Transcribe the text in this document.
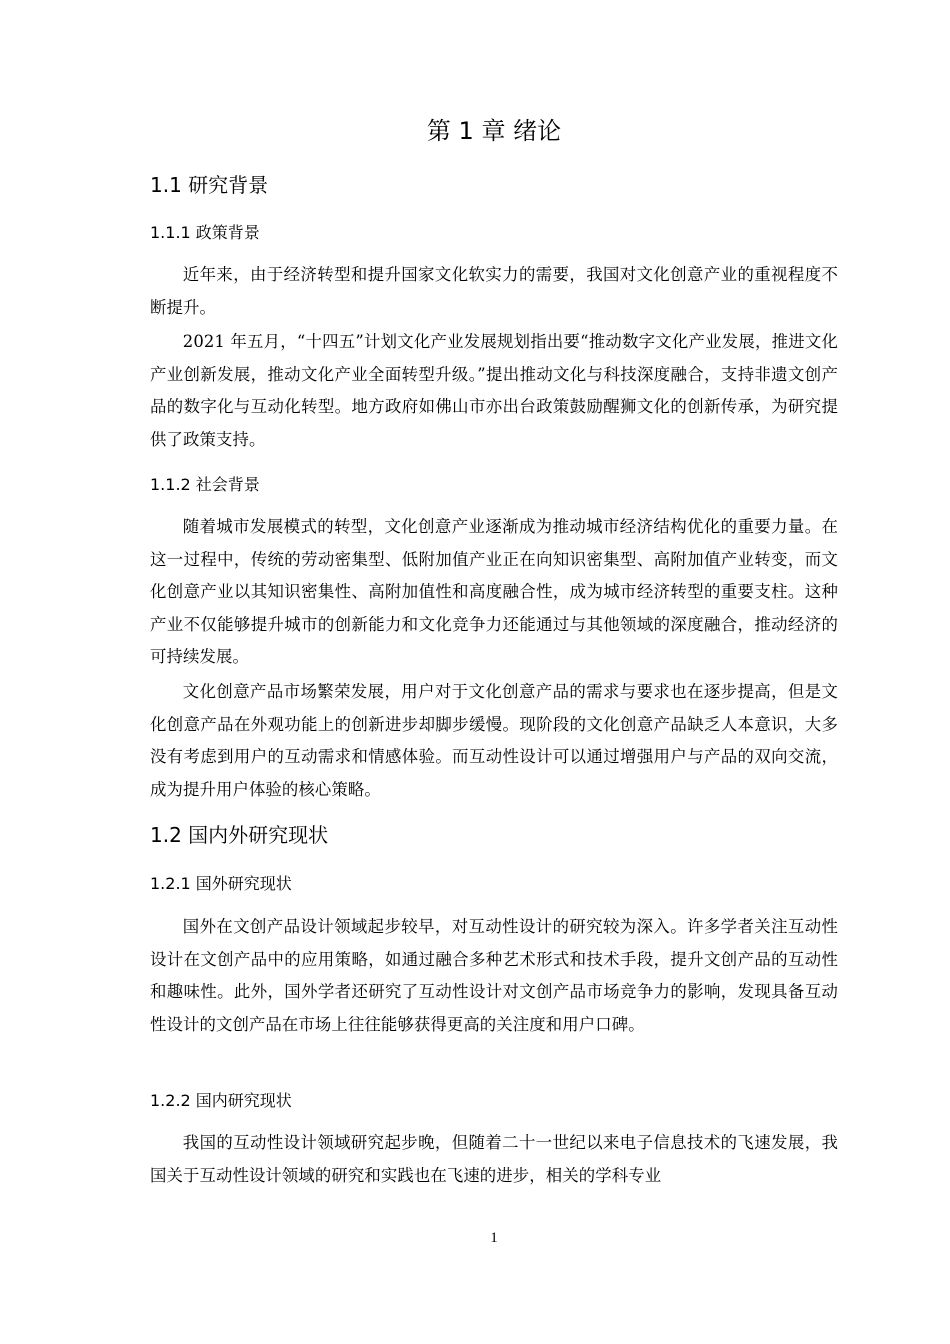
第 1 章 绪论
1.1 研究背景
1.1.1 政策背景

近年来，由于经济转型和提升国家文化软实力的需要，我国对文化创意产业的重视程度不断提升。

2021 年五月，“十四五”计划文化产业发展规划指出要“推动数字文化产业发展，推进文化产业创新发展，推动文化产业全面转型升级。”提出推动文化与科技深度融合，支持非遗文创产品的数字化与互动化转型。地方政府如佛山市亦出台政策鼓励醒狮文化的创新传承，为研究提供了政策支持。

1.1.2 社会背景

随着城市发展模式的转型，文化创意产业逐渐成为推动城市经济结构优化的重要力量。在这一过程中，传统的劳动密集型、低附加值产业正在向知识密集型、高附加值产业转变，而文化创意产业以其知识密集性、高附加值性和高度融合性，成为城市经济转型的重要支柱。这种产业不仅能够提升城市的创新能力和文化竞争力还能通过与其他领域的深度融合，推动经济的可持续发展。

文化创意产品市场繁荣发展，用户对于文化创意产品的需求与要求也在逐步提高，但是文化创意产品在外观功能上的创新进步却脚步缓慢。现阶段的文化创意产品缺乏人本意识，大多没有考虑到用户的互动需求和情感体验。而互动性设计可以通过增强用户与产品的双向交流，成为提升用户体验的核心策略。

1.2 国内外研究现状
1.2.1 国外研究现状

国外在文创产品设计领域起步较早，对互动性设计的研究较为深入。许多学者关注互动性设计在文创产品中的应用策略，如通过融合多种艺术形式和技术手段，提升文创产品的互动性和趣味性。此外，国外学者还研究了互动性设计对文创产品市场竞争力的影响，发现具备互动性设计的文创产品在市场上往往能够获得更高的关注度和用户口碑。

1.2.2 国内研究现状

我国的互动性设计领域研究起步晚，但随着二十一世纪以来电子信息技术的飞速发展，我国关于互动性设计领域的研究和实践也在飞速的进步，相关的学科专业

1
